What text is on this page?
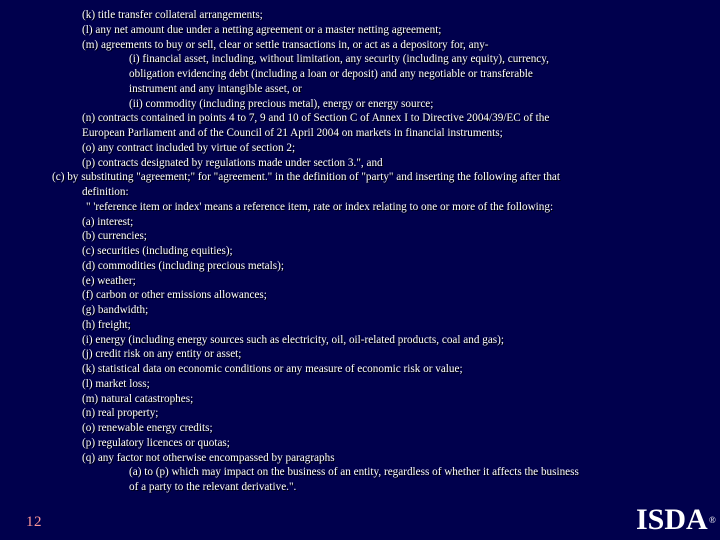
(k) title transfer collateral arrangements;
(l) any net amount due under a netting agreement or a master netting agreement;
(m) agreements to buy or sell, clear or settle transactions in, or act as a depository for, any-
(i) financial asset, including, without limitation, any security (including any equity), currency,
obligation evidencing debt (including a loan or deposit) and any negotiable or transferable
instrument and any intangible asset, or
(ii) commodity (including precious metal), energy or energy source;
(n) contracts contained in points 4 to 7, 9 and 10 of Section C of Annex I to Directive 2004/39/EC of the
European Parliament and of the Council of 21 April 2004 on markets in financial instruments;
(o) any contract included by virtue of section 2;
(p) contracts designated by regulations made under section 3.", and
(c) by substituting "agreement;" for "agreement." in the definition of "party" and inserting the following after that
definition:
" 'reference item or index' means a reference item, rate or index relating to one or more of the following:
(a) interest;
(b) currencies;
(c) securities (including equities);
(d) commodities (including precious metals);
(e) weather;
(f) carbon or other emissions allowances;
(g) bandwidth;
(h) freight;
(i) energy (including energy sources such as electricity, oil, oil-related products, coal and gas);
(j) credit risk on any entity or asset;
(k) statistical data on economic conditions or any measure of economic risk or value;
(l) market loss;
(m) natural catastrophes;
(n) real property;
(o) renewable energy credits;
(p) regulatory licences or quotas;
(q) any factor not otherwise encompassed by paragraphs
(a) to (p) which may impact on the business of an entity, regardless of whether it affects the business
of a party to the relevant derivative.".
12	ISDA ®
